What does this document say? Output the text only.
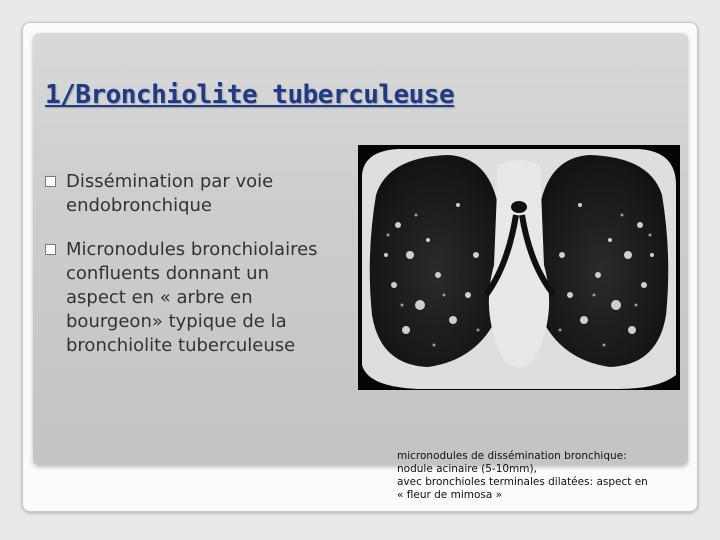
1/Bronchiolite tuberculeuse
Dissémination par voie
endobronchique
Micronodules bronchiolaires
confluents donnant un
aspect en « arbre en
bourgeon» typique de la
bronchiolite tuberculeuse
micronodules de dissémination bronchique:
nodule acinaire (5-10mm),
avec bronchioles terminales dilatées: aspect en
« fleur de mimosa »
